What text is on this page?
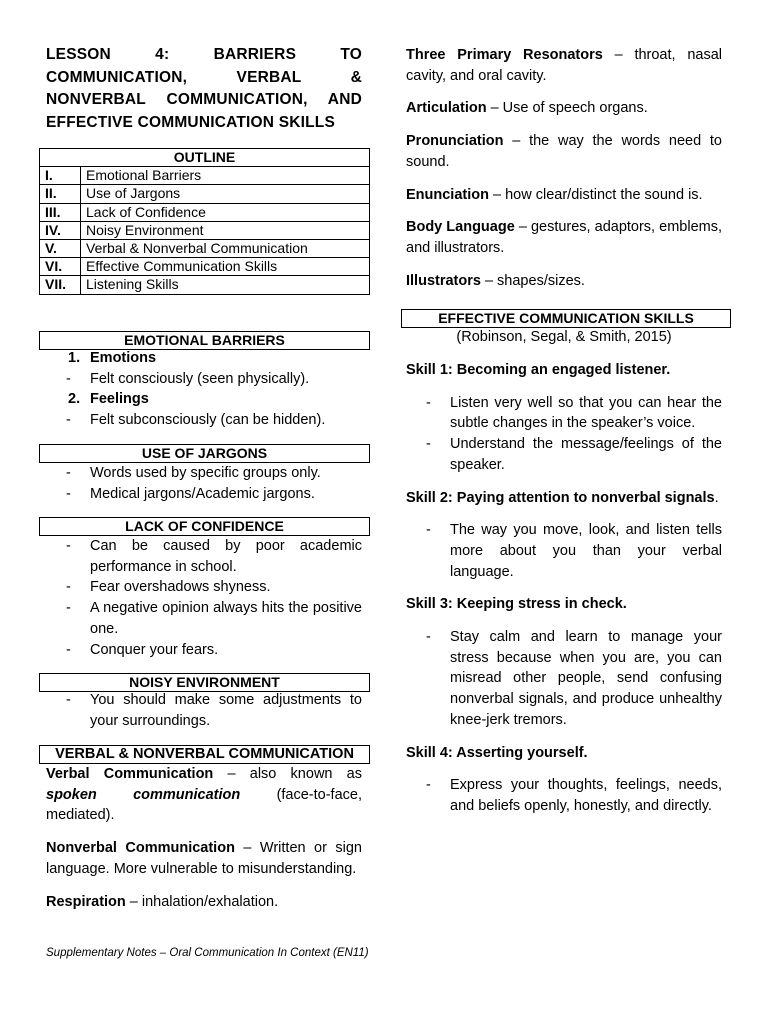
LESSON 4: BARRIERS TO COMMUNICATION, VERBAL & NONVERBAL COMMUNICATION, AND EFFECTIVE COMMUNICATION SKILLS
OUTLINE	
I.	Emotional Barriers
II.	Use of Jargons
III.	Lack of Confidence
IV.	Noisy Environment
V.	Verbal & Nonverbal Communication
VI.	Effective Communication Skills
VII.	Listening Skills
EMOTIONAL BARRIERS
1. Emotions
- Felt consciously (seen physically).
2. Feelings
- Felt subconsciously (can be hidden).
USE OF JARGONS
- Words used by specific groups only.
- Medical jargons/Academic jargons.
LACK OF CONFIDENCE
- Can be caused by poor academic performance in school.
- Fear overshadows shyness.
- A negative opinion always hits the positive one.
- Conquer your fears.
NOISY ENVIRONMENT
- You should make some adjustments to your surroundings.
VERBAL & NONVERBAL COMMUNICATION

Verbal Communication – also known as spoken communication (face-to-face, mediated).

Nonverbal Communication – Written or sign language. More vulnerable to misunderstanding.

Respiration – inhalation/exhalation.

Three Primary Resonators – throat, nasal cavity, and oral cavity.

Articulation – Use of speech organs.

Pronunciation – the way the words need to sound.

Enunciation – how clear/distinct the sound is.

Body Language – gestures, adaptors, emblems, and illustrators.

Illustrators – shapes/sizes.

EFFECTIVE COMMUNICATION SKILLS
(Robinson, Segal, & Smith, 2015)

Skill 1: Becoming an engaged listener.

- Listen very well so that you can hear the subtle changes in the speaker’s voice.
- Understand the message/feelings of the speaker.

Skill 2: Paying attention to nonverbal signals.

- The way you move, look, and listen tells more about you than your verbal language.

Skill 3: Keeping stress in check.

- Stay calm and learn to manage your stress because when you are, you can misread other people, send confusing nonverbal signals, and produce unhealthy knee-jerk tremors.

Skill 4: Asserting yourself.

- Express your thoughts, feelings, needs, and beliefs openly, honestly, and directly.
Supplementary Notes – Oral Communication In Context (EN11)
